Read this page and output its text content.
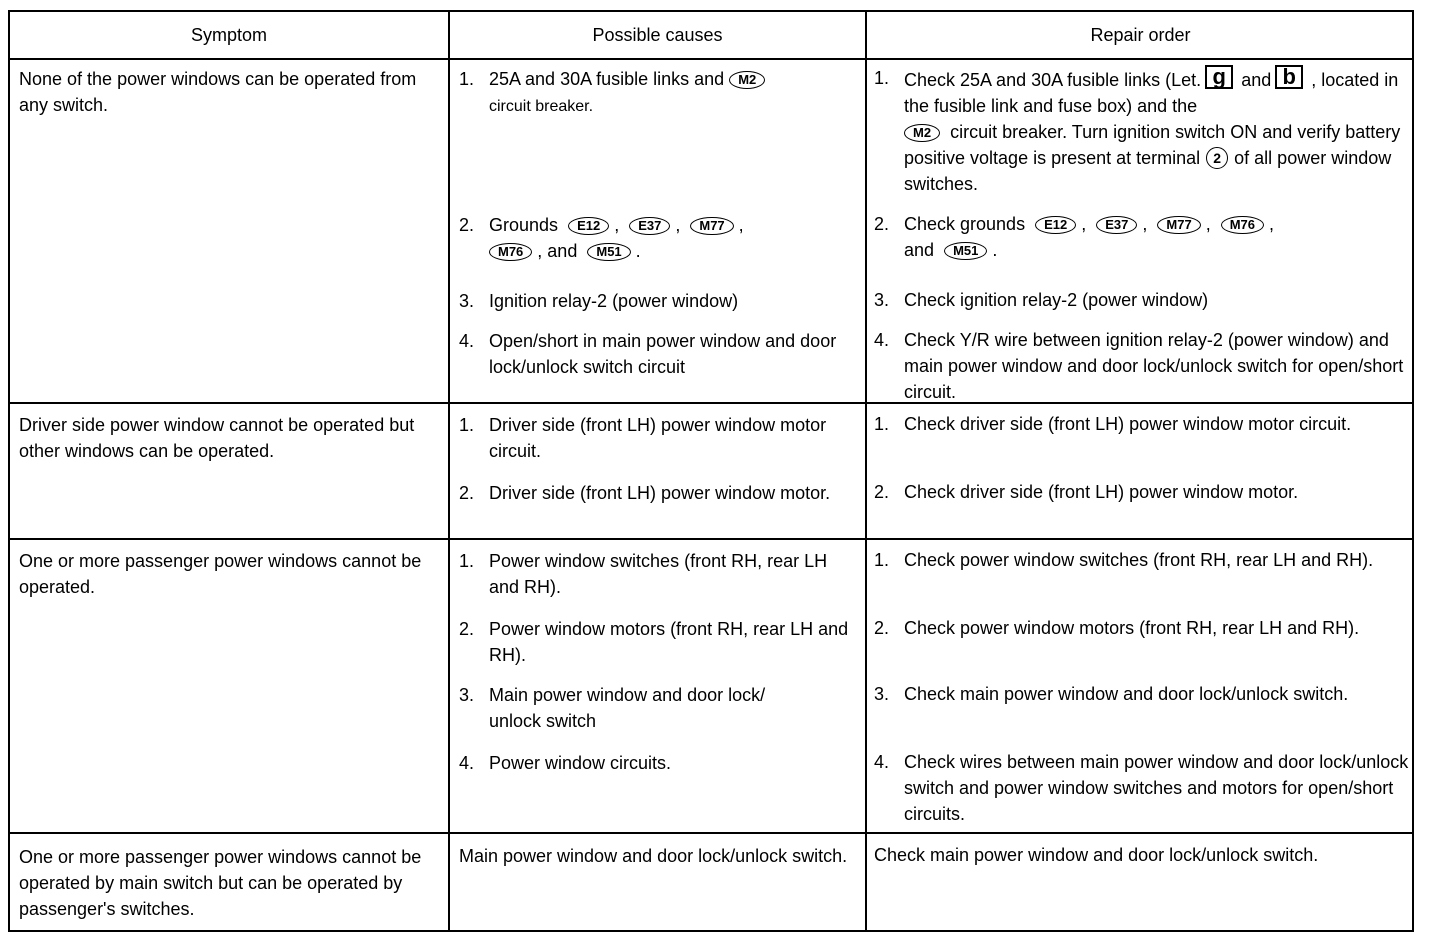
Symptom	Possible causes	Repair order
None of the power windows can be operated from any switch.
1. 25A and 30A fusible links and M2
circuit breaker.
2. Grounds E12 , E37 , M77 ,
M76 , and M51 .
3. Ignition relay-2 (power window)
4. Open/short in main power window and door lock/unlock switch circuit
1. Check 25A and 30A fusible links (Let. g and b , located in the fusible link and fuse box) and the
M2 circuit breaker. Turn ignition switch ON and verify battery positive voltage is present at terminal 2 of all power window switches.
2. Check grounds E12 , E37 , M77 , M76 ,
and M51 .
3. Check ignition relay-2 (power window)
4. Check Y/R wire between ignition relay-2 (power window) and main power window and door lock/unlock switch for open/short circuit.
Driver side power window cannot be operated but other windows can be operated.
1. Driver side (front LH) power window motor circuit.
2. Driver side (front LH) power window motor.
1. Check driver side (front LH) power window motor circuit.
2. Check driver side (front LH) power window motor.
One or more passenger power windows cannot be operated.
1. Power window switches (front RH, rear LH and RH).
2. Power window motors (front RH, rear LH and RH).
3. Main power window and door lock/ unlock switch
4. Power window circuits.
1. Check power window switches (front RH, rear LH and RH).
2. Check power window motors (front RH, rear LH and RH).
3. Check main power window and door lock/unlock switch.
4. Check wires between main power window and door lock/unlock switch and power window switches and motors for open/short circuits.
One or more passenger power windows cannot be operated by main switch but can be operated by passenger's switches.
Main power window and door lock/unlock switch. Check main power window and door lock/unlock switch.
